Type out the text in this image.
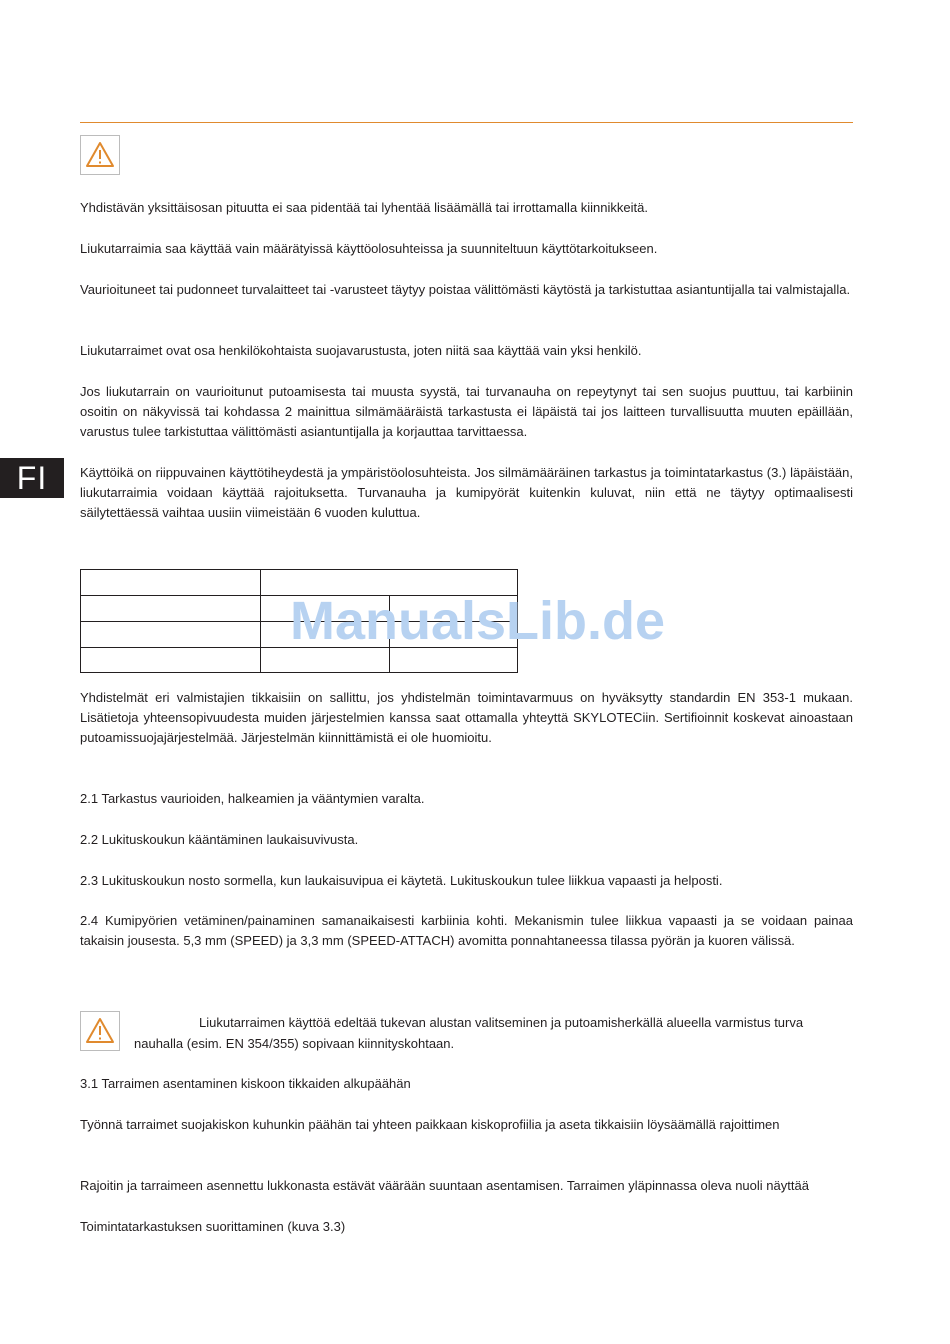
FI

Yhdistävän yksittäisosan pituutta ei saa pidentää tai lyhentää lisäämällä tai irrottamalla kiinnikkeitä.

Liukutarraimia saa käyttää vain määrätyissä käyttöolosuhteissa ja suunniteltuun käyttötarkoitukseen.

Vaurioituneet tai pudonneet turvalaitteet tai -varusteet täytyy poistaa välittömästi käytöstä ja tarkistuttaa asiantuntijalla tai valmistajalla.

Liukutarraimet ovat osa henkilökohtaista suojavarustusta, joten niitä saa käyttää vain yksi henkilö.

Jos liukutarrain on vaurioitunut putoamisesta tai muusta syystä, tai turvanauha on repeytynyt tai sen suojus puuttuu, tai karbiinin osoitin on näkyvissä tai kohdassa 2 mainittua silmämääräistä tarkastusta ei läpäistä tai jos laitteen turvallisuutta muuten epäillään, varustus tulee tarkistuttaa välittömästi asiantuntijalla ja korjauttaa tarvittaessa.

Käyttöikä on riippuvainen käyttötiheydestä ja ympäristöolosuhteista. Jos silmämääräinen tarkastus ja toimintatarkastus (3.) läpäistään, liukutarraimia voidaan käyttää rajoituksetta. Turvanauha ja kumipyörät kuitenkin kuluvat, niin että ne täytyy optimaalisesti säilytettäessä vaihtaa uusiin viimeistään 6 vuoden kuluttua.

ManualsLib.de

Yhdistelmät eri valmistajien tikkaisiin on sallittu, jos yhdistelmän toimintavarmuus on hyväksytty standardin EN 353-1 mukaan. Lisätietoja yhteensopivuudesta muiden järjestelmien kanssa saat ottamalla yhteyttä SKYLOTECiin. Sertifioinnit koskevat ainoastaan putoamissuojajärjestelmää. Järjestelmän kiinnittämistä ei ole huomioitu.

2.1 Tarkastus vaurioiden, halkeamien ja vääntymien varalta.

2.2 Lukituskoukun kääntäminen laukaisuvivusta.

2.3 Lukituskoukun nosto sormella, kun laukaisuvipua ei käytetä. Lukituskoukun tulee liikkua vapaasti ja helposti.

2.4 Kumipyörien vetäminen/painaminen samanaikaisesti karbiinia kohti. Mekanismin tulee liikkua vapaasti ja se voidaan painaa takaisin jousesta. 5,3 mm (SPEED) ja 3,3 mm (SPEED-ATTACH) avomitta ponnahtaneessa tilassa pyörän ja kuoren välissä.

Liukutarraimen käyttöä edeltää tukevan alustan valitseminen ja putoamisherkällä alueella varmistus turva

nauhalla (esim. EN 354/355) sopivaan kiinnityskohtaan.

3.1 Tarraimen asentaminen kiskoon tikkaiden alkupäähän

Työnnä tarraimet suojakiskon kuhunkin päähän tai yhteen paikkaan kiskoprofiilia ja aseta tikkaisiin löysäämällä rajoittimen

Rajoitin ja tarraimeen asennettu lukkonasta estävät väärään suuntaan asentamisen. Tarraimen yläpinnassa oleva nuoli näyttää

Toimintatarkastuksen suorittaminen (kuva 3.3)
